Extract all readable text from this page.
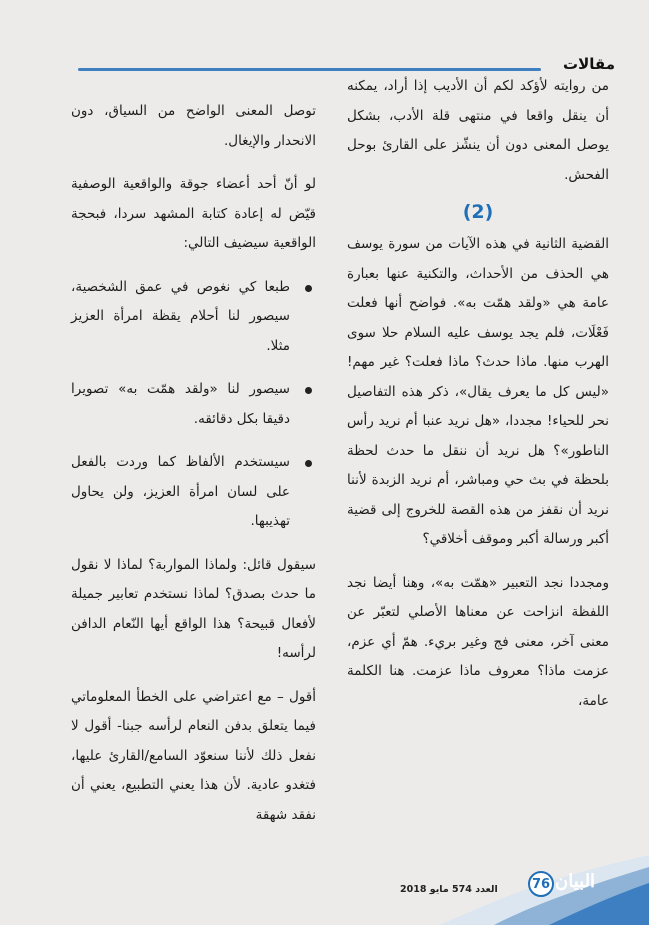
مقالات

من روايته لأؤكد لكم أن الأديب إذا أراد، يمكنه أن ينقل واقعا في منتهى قلة الأدب، بشكل يوصل المعنى دون أن ينشّز على القارئ بوحل الفحش.

(2)

القضية الثانية في هذه الآيات من سورة يوسف هي الحذف من الأحداث، والتكنية عنها بعبارة عامة هي «ولقد همّت به». فواضح أنها فعلت فَعْلَات، فلم يجد يوسف عليه السلام حلا سوى الهرب منها. ماذا حدث؟ ماذا فعلت؟ غير مهم! «ليس كل ما يعرف يقال»، ذكر هذه التفاصيل نحر للحياء! مجددا، «هل نريد عنبا أم نريد رأس الناطور»؟ هل نريد أن ننقل ما حدث لحظة بلحظة في بث حي ومباشر، أم نريد الزبدة لأننا نريد أن نقفز من هذه القصة للخروج إلى قضية أكبر ورسالة أكبر وموقف أخلاقي؟

ومجددا نجد التعبير «همّت به»، وهنا أيضا نجد اللفظة انزاحت عن معناها الأصلي لتعبّر عن معنى آخر، معنى فج وغير بريء. همّ أي عزم، عزمت ماذا؟ معروف ماذا عزمت. هنا الكلمة عامة،

توصل المعنى الواضح من السياق، دون الانحدار والإيغال.

لو أنّ أحد أعضاء جوقة والواقعية الوصفية قيّض له إعادة كتابة المشهد سردا، فبحجة الواقعية سيضيف التالي:

طبعا كي نغوص في عمق الشخصية، سيصور لنا أحلام يقظة امرأة العزيز مثلا.
سيصور لنا «ولقد همّت به» تصويرا دقيقا بكل دقائقه.
سيستخدم الألفاظ كما وردت بالفعل على لسان امرأة العزيز، ولن يحاول تهذيبها.

سيقول قائل: ولماذا المواربة؟ لماذا لا نقول ما حدث بصدق؟ لماذا نستخدم تعابير جميلة لأفعال قبيحة؟ هذا الواقع أيها النّعام الدافن لرأسه!

أقول – مع اعتراضي على الخطأ المعلوماتي فيما يتعلق بدفن النعام لرأسه جبنا- أقول لا نفعل ذلك لأننا سنعوّد السامع/القارئ عليها، فتغدو عادية. لأن هذا يعني التطبيع، يعني أن نفقد شهقة

العدد 574 مايو 2018	76 البيان
